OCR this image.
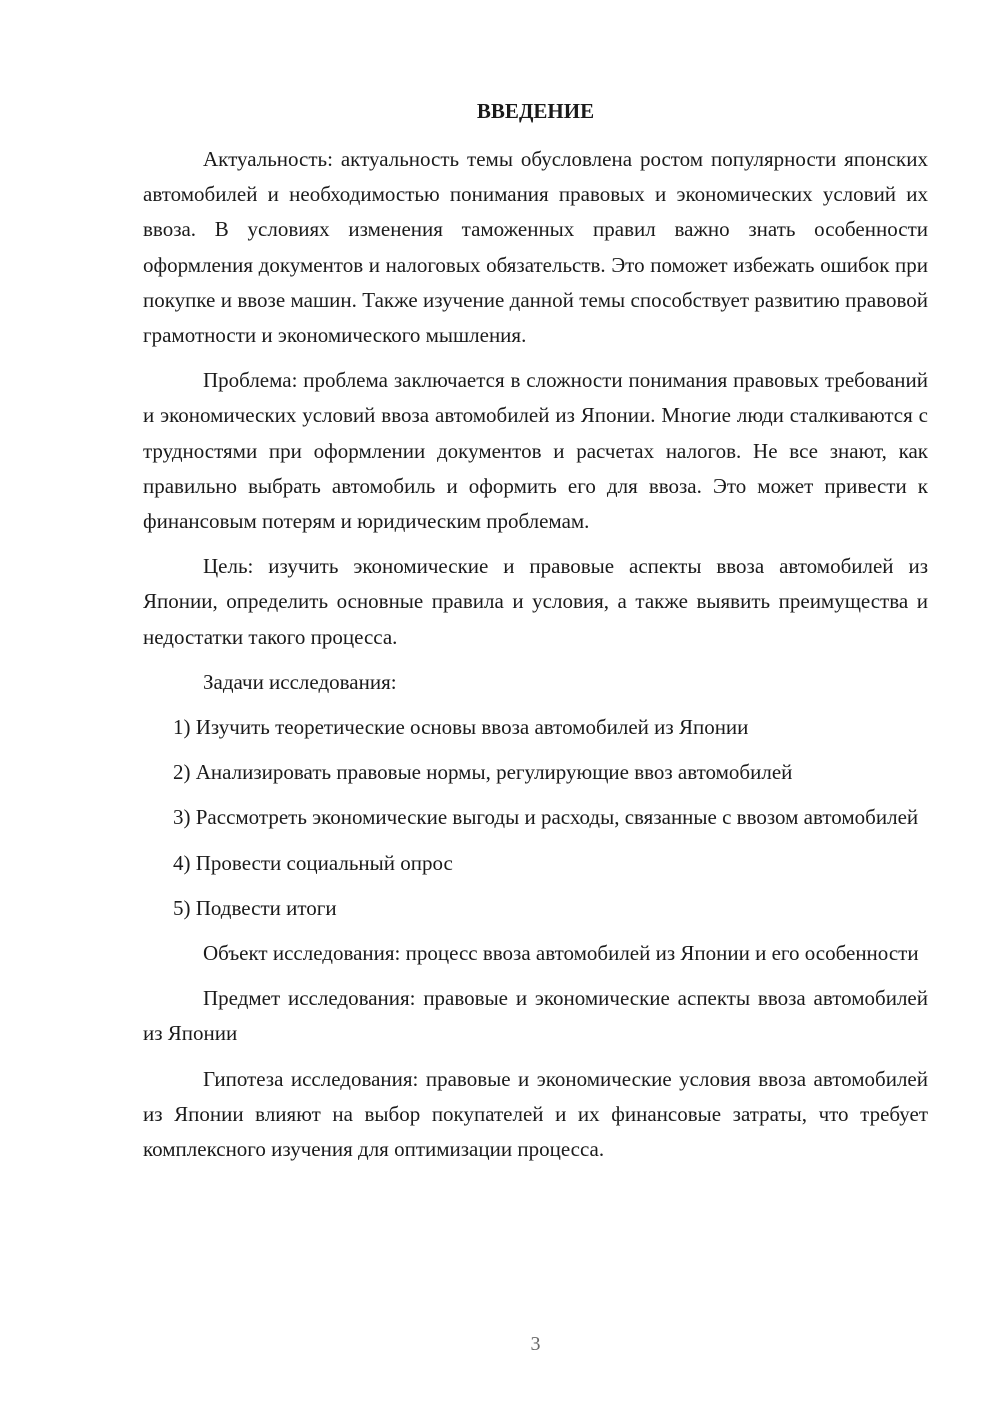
ВВЕДЕНИЕ

Актуальность: актуальность темы обусловлена ростом популярности японских автомобилей и необходимостью понимания правовых и экономических условий их ввоза. В условиях изменения таможенных правил важно знать особенности оформления документов и налоговых обязательств. Это поможет избежать ошибок при покупке и ввозе машин. Также изучение данной темы способствует развитию правовой грамотности и экономического мышления.

Проблема: проблема заключается в сложности понимания правовых требований и экономических условий ввоза автомобилей из Японии. Многие люди сталкиваются с трудностями при оформлении документов и расчетах налогов. Не все знают, как правильно выбрать автомобиль и оформить его для ввоза. Это может привести к финансовым потерям и юридическим проблемам.

Цель: изучить экономические и правовые аспекты ввоза автомобилей из Японии, определить основные правила и условия, а также выявить преимущества и недостатки такого процесса.

Задачи исследования:

1) Изучить теоретические основы ввоза автомобилей из Японии

2) Анализировать правовые нормы, регулирующие ввоз автомобилей

3) Рассмотреть экономические выгоды и расходы, связанные с ввозом автомобилей

4) Провести социальный опрос

5) Подвести итоги

Объект исследования: процесс ввоза автомобилей из Японии и его особенности

Предмет исследования: правовые и экономические аспекты ввоза автомобилей из Японии

Гипотеза исследования: правовые и экономические условия ввоза автомобилей из Японии влияют на выбор покупателей и их финансовые затраты, что требует комплексного изучения для оптимизации процесса.

3
